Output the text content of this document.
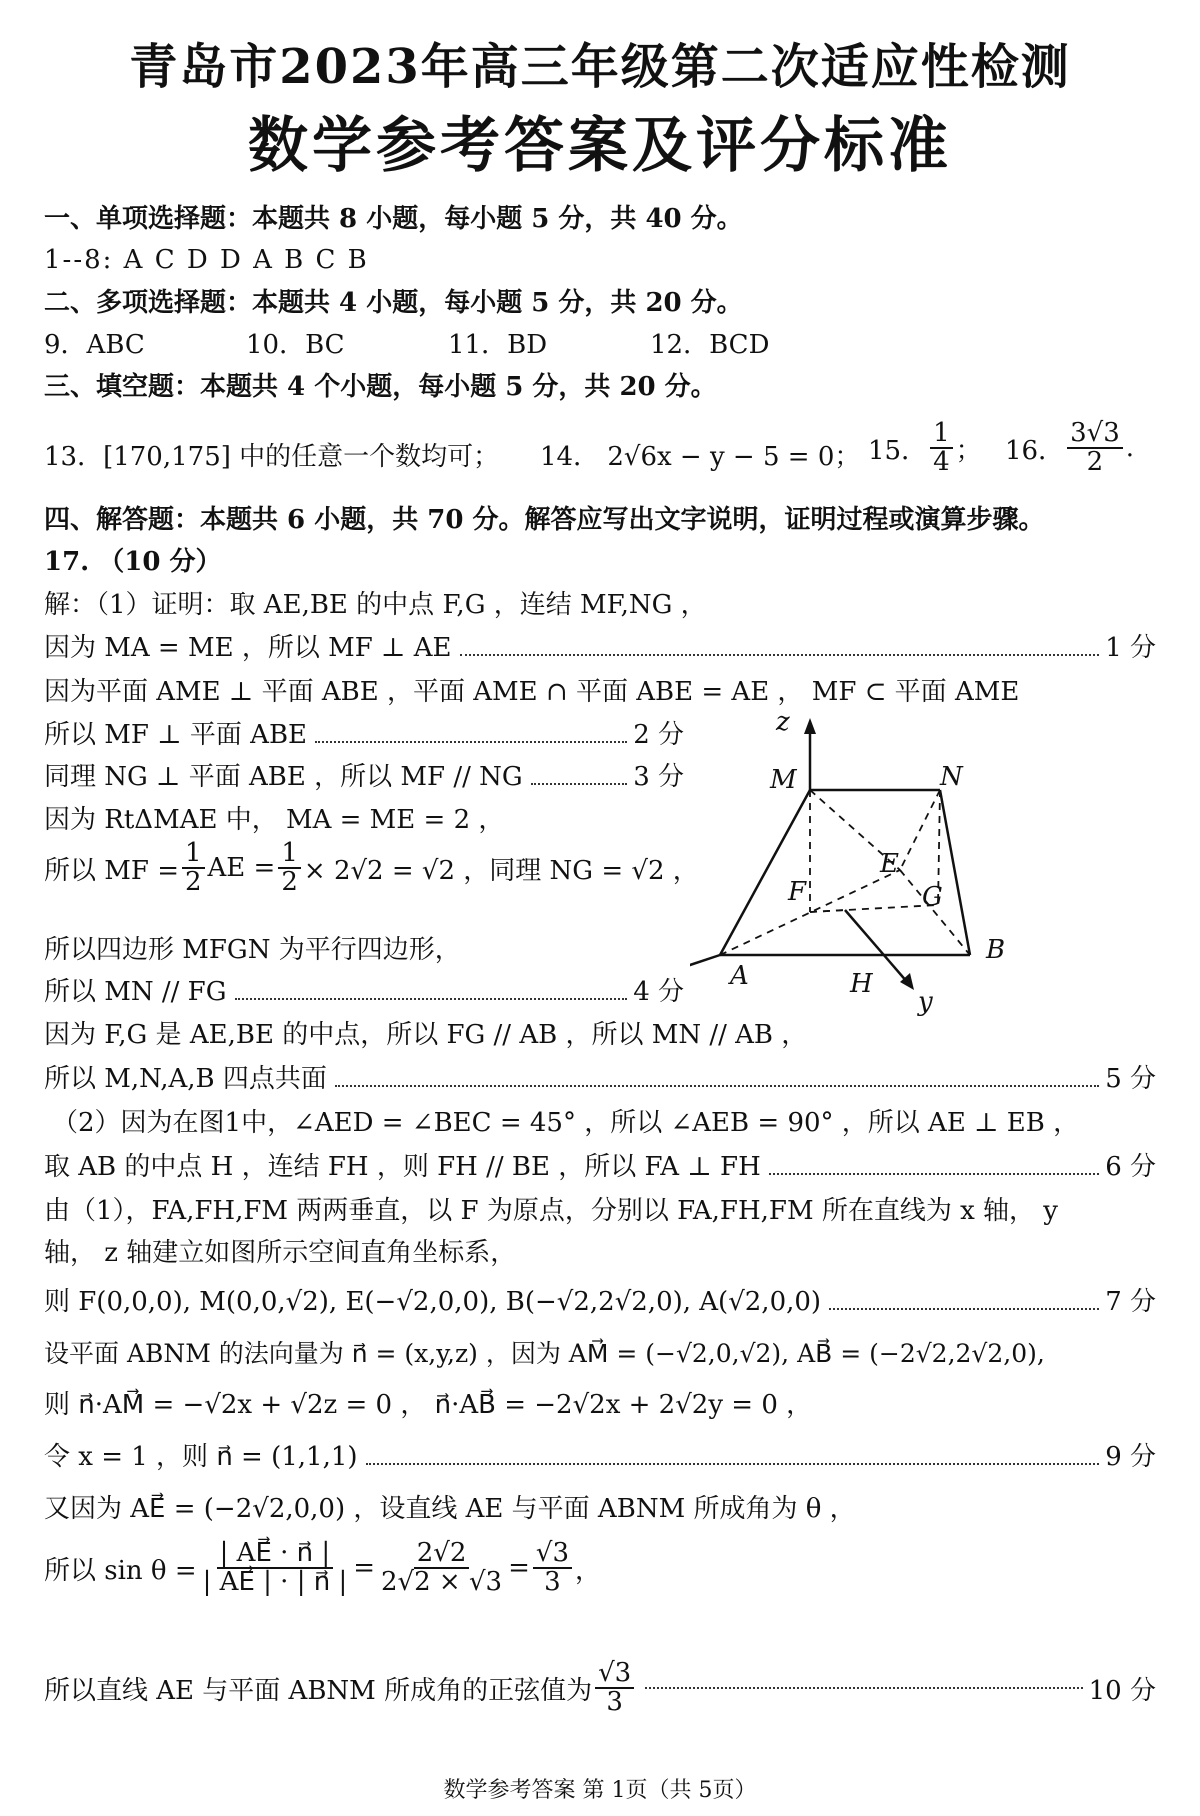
青岛市2023年高三年级第二次适应性检测
数学参考答案及评分标准
一、单项选择题：本题共 8 小题，每小题 5 分，共 40 分。
1--8: A C D D A B C B
二、多项选择题：本题共 4 小题，每小题 5 分，共 20 分。
9．ABC	10．BC	11．BD	12．BCD
三、填空题：本题共 4 个小题，每小题 5 分，共 20 分。
13．[170,175] 中的任意一个数均可； 14． 2√6x − y − 5 = 0； 15． $\frac{1}{4}$ ； 16． $\frac{3√3}{2}$ .
四、解答题：本题共 6 小题，共 70 分。解答应写出文字说明，证明过程或演算步骤。
17. （10 分）
解：（1）证明：取 AE,BE 的中点 F,G ，连结 MF,NG ，
因为 MA = ME ，所以 MF ⊥ AE	1 分
因为平面 AME ⊥ 平面 ABE ，平面 AME ∩ 平面 ABE = AE ， MF ⊂ 平面 AME
所以 MF ⊥ 平面 ABE	2 分
同理 NG ⊥ 平面 ABE ，所以 MF // NG	3 分
因为 RtΔMAE 中， MA = ME = 2 ，
所以 MF = $\frac{1}{2}$ AE = $\frac{1}{2} \times 2√2 = √2$ ，同理 NG = √2 ，
所以四边形 MFGN 为平行四边形，
所以 MN // FG	4 分
因为 F,G 是 AE,BE 的中点，所以 FG // AB ，所以 MN // AB ，
所以 M,N,A,B 四点共面	5 分
（2）因为在图1中，∠AED = ∠BEC = 45° ，所以 ∠AEB = 90° ，所以 AE ⊥ EB ，
取 AB 的中点 H ，连结 FH ，则 FH // BE ，所以 FA ⊥ FH	6 分
由（1），FA,FH,FM 两两垂直，以 F 为原点，分别以 FA,FH,FM 所在直线为 x 轴， y
轴， z 轴建立如图所示空间直角坐标系，
则 F(0,0,0), M(0,0,√2), E(−√2,0,0), B(−√2,2√2,0), A(√2,0,0)	7 分
设平面 ABNM 的法向量为 n⃗ = (x,y,z) ，因为 AM⃗ = (−√2,0,√2), AB⃗ = (−2√2,2√2,0),
则 n⃗·AM⃗ = −√2x + √2z = 0 ， n⃗·AB⃗ = −2√2x + 2√2y = 0 ，
令 x = 1 ，则 n⃗ = (1,1,1)	9 分
又因为 AE⃗ = (−2√2,0,0) ，设直线 AE 与平面 ABNM 所成角为 θ ，
所以 $\sin \theta = \frac{| AE⃗ \cdot n⃗ |}{| AE⃗ | \cdot | n⃗ |} = \frac{2√2}{2√2 \times √3} = \frac{√3}{3}$ ，
所以直线 AE 与平面 ABNM 所成角的正弦值为 $\frac{√3}{3}$	10 分
z
M	N
E
F	G
A	H
B
y
数学参考答案 第 1页（共 5页）
